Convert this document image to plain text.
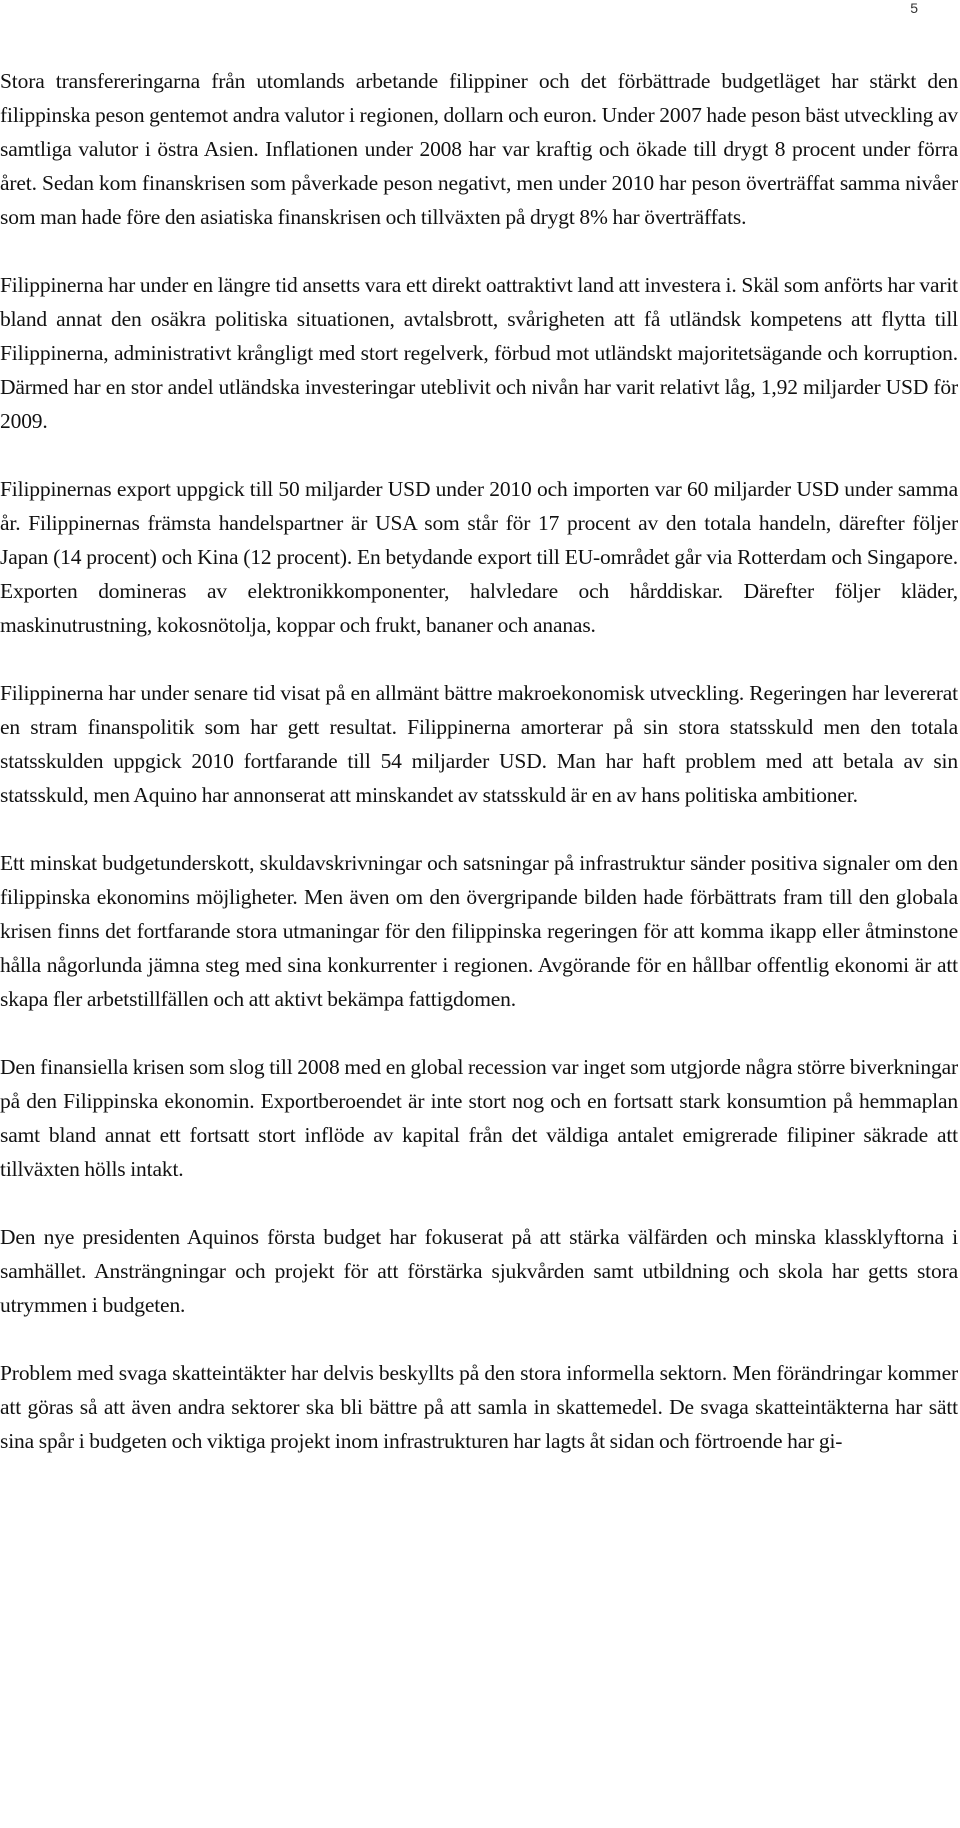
5

Stora transfereringarna från utomlands arbetande filippiner och det förbättrade budgetläget har stärkt den filippinska peson gentemot andra valutor i regionen, dollarn och euron. Under 2007 hade peson bäst utveckling av samtliga valutor i östra Asien. Inflationen under 2008 har var kraftig och ökade till drygt 8 procent under förra året. Sedan kom finanskrisen som påverkade peson negativt, men under 2010 har peson överträffat samma nivåer som man hade före den asiatiska finanskrisen och tillväxten på drygt 8% har överträffats.

Filippinerna har under en längre tid ansetts vara ett direkt oattraktivt land att investera i. Skäl som anförts har varit bland annat den osäkra politiska situationen, avtalsbrott, svårigheten att få utländsk kompetens att flytta till Filippinerna, administrativt krångligt med stort regelverk, förbud mot utländskt majoritetsägande och korruption. Därmed har en stor andel utländska investeringar uteblivit och nivån har varit relativt låg, 1,92 miljarder USD för 2009.

Filippinernas export uppgick till 50 miljarder USD under 2010 och importen var 60 miljarder USD under samma år. Filippinernas främsta handelspartner är USA som står för 17 procent av den totala handeln, därefter följer Japan (14 procent) och Kina (12 procent). En betydande export till EU-området går via Rotterdam och Singapore. Exporten domineras av elektronikkomponenter, halvledare och hårddiskar. Därefter följer kläder, maskinutrustning, kokosnötolja, koppar och frukt, bananer och ananas.

Filippinerna har under senare tid visat på en allmänt bättre makroekonomisk utveckling. Regeringen har levererat en stram finanspolitik som har gett resultat. Filippinerna amorterar på sin stora statsskuld men den totala statsskulden uppgick 2010 fortfarande till 54 miljarder USD. Man har haft problem med att betala av sin statsskuld, men Aquino har annonserat att minskandet av statsskuld är en av hans politiska ambitioner.

Ett minskat budgetunderskott, skuldavskrivningar och satsningar på infrastruktur sänder positiva signaler om den filippinska ekonomins möjligheter. Men även om den övergripande bilden hade förbättrats fram till den globala krisen finns det fortfarande stora utmaningar för den filippinska regeringen för att komma ikapp eller åtminstone hålla någorlunda jämna steg med sina konkurrenter i regionen. Avgörande för en hållbar offentlig ekonomi är att skapa fler arbetstillfällen och att aktivt bekämpa fattigdomen.

Den finansiella krisen som slog till 2008 med en global recession var inget som utgjorde några större biverkningar på den Filippinska ekonomin. Exportberoendet är inte stort nog och en fortsatt stark konsumtion på hemmaplan samt bland annat ett fortsatt stort inflöde av kapital från det väldiga antalet emigrerade filipiner säkrade att tillväxten hölls intakt.

Den nye presidenten Aquinos första budget har fokuserat på att stärka välfärden och minska klassklyftorna i samhället. Ansträngningar och projekt för att förstärka sjukvården samt utbildning och skola har getts stora utrymmen i budgeten.

Problem med svaga skatteintäkter har delvis beskyllts på den stora informella sektorn. Men förändringar kommer att göras så att även andra sektorer ska bli bättre på att samla in skattemedel. De svaga skatteintäkterna har sätt sina spår i budgeten och viktiga projekt inom infrastrukturen har lagts åt sidan och förtroende har gi-
